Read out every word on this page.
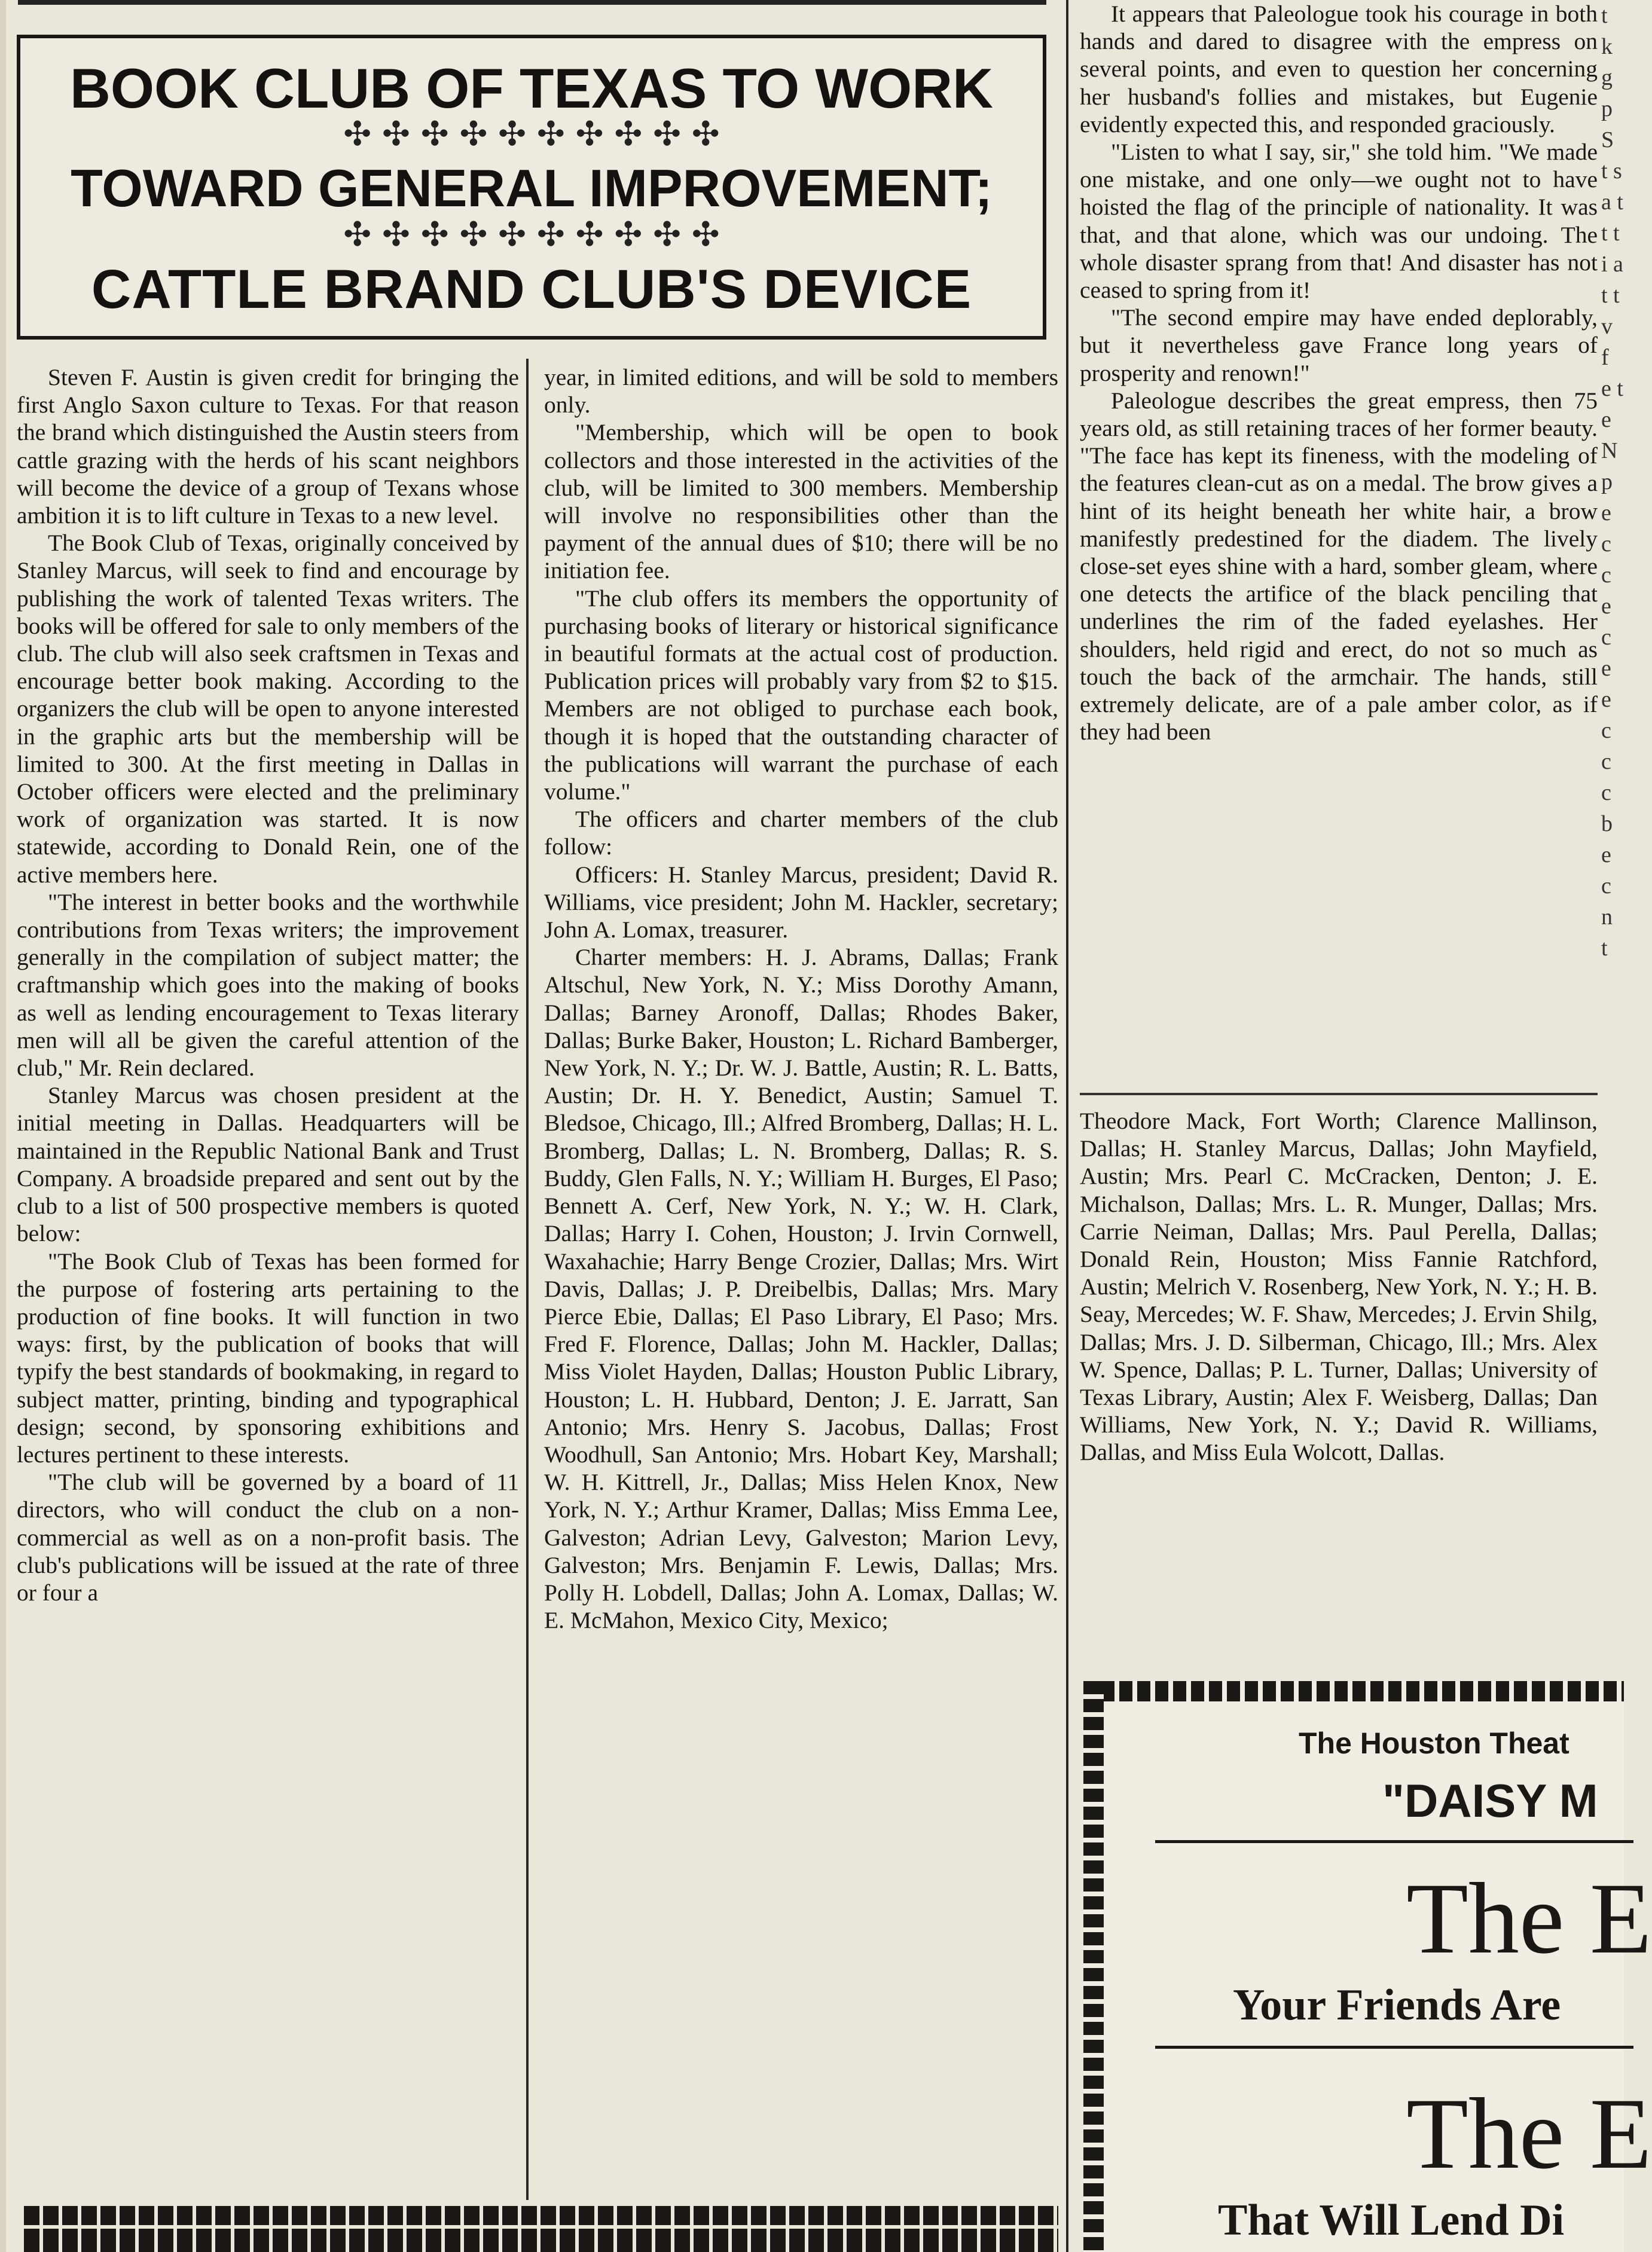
BOOK CLUB OF TEXAS TO WORK
✣ ✣ ✣ ✣ ✣ ✣ ✣ ✣ ✣ ✣
TOWARD GENERAL IMPROVEMENT;
✣ ✣ ✣ ✣ ✣ ✣ ✣ ✣ ✣ ✣
CATTLE BRAND CLUB'S DEVICE

Steven F. Austin is given credit for bringing the first Anglo Saxon culture to Texas. For that reason the brand which distinguished the Austin steers from cattle grazing with the herds of his scant neighbors will become the device of a group of Texans whose ambition it is to lift culture in Texas to a new level.

The Book Club of Texas, originally conceived by Stanley Marcus, will seek to find and encourage by publishing the work of talented Texas writers. The books will be offered for sale to only members of the club. The club will also seek craftsmen in Texas and encourage better book making. According to the organizers the club will be open to anyone interested in the graphic arts but the membership will be limited to 300. At the first meeting in Dallas in October officers were elected and the preliminary work of organization was started. It is now statewide, according to Donald Rein, one of the active members here.

"The interest in better books and the worthwhile contributions from Texas writers; the improvement generally in the compilation of subject matter; the craftmanship which goes into the making of books as well as lending encouragement to Texas literary men will all be given the careful attention of the club," Mr. Rein declared.

Stanley Marcus was chosen president at the initial meeting in Dallas. Headquarters will be maintained in the Republic National Bank and Trust Company. A broadside prepared and sent out by the club to a list of 500 prospective members is quoted below:

"The Book Club of Texas has been formed for the purpose of fostering arts pertaining to the production of fine books. It will function in two ways: first, by the publication of books that will typify the best standards of bookmaking, in regard to subject matter, printing, binding and typographical design; second, by sponsoring exhibitions and lectures pertinent to these interests.

"The club will be governed by a board of 11 directors, who will conduct the club on a non-commercial as well as on a non-profit basis. The club's publications will be issued at the rate of three or four a

year, in limited editions, and will be sold to members only.

"Membership, which will be open to book collectors and those interested in the activities of the club, will be limited to 300 members. Membership will involve no responsibilities other than the payment of the annual dues of $10; there will be no initiation fee.

"The club offers its members the opportunity of purchasing books of literary or historical significance in beautiful formats at the actual cost of production. Publication prices will probably vary from $2 to $15. Members are not obliged to purchase each book, though it is hoped that the outstanding character of the publications will warrant the purchase of each volume."

The officers and charter members of the club follow:

Officers: H. Stanley Marcus, president; David R. Williams, vice president; John M. Hackler, secretary; John A. Lomax, treasurer.

Charter members: H. J. Abrams, Dallas; Frank Altschul, New York, N. Y.; Miss Dorothy Amann, Dallas; Barney Aronoff, Dallas; Rhodes Baker, Dallas; Burke Baker, Houston; L. Richard Bamberger, New York, N. Y.; Dr. W. J. Battle, Austin; R. L. Batts, Austin; Dr. H. Y. Benedict, Austin; Samuel T. Bledsoe, Chicago, Ill.; Alfred Bromberg, Dallas; H. L. Bromberg, Dallas; L. N. Bromberg, Dallas; R. S. Buddy, Glen Falls, N. Y.; William H. Burges, El Paso; Bennett A. Cerf, New York, N. Y.; W. H. Clark, Dallas; Harry I. Cohen, Houston; J. Irvin Cornwell, Waxahachie; Harry Benge Crozier, Dallas; Mrs. Wirt Davis, Dallas; J. P. Dreibelbis, Dallas; Mrs. Mary Pierce Ebie, Dallas; El Paso Library, El Paso; Mrs. Fred F. Florence, Dallas; John M. Hackler, Dallas; Miss Violet Hayden, Dallas; Houston Public Library, Houston; L. H. Hubbard, Denton; J. E. Jarratt, San Antonio; Mrs. Henry S. Jacobus, Dallas; Frost Woodhull, San Antonio; Mrs. Hobart Key, Marshall; W. H. Kittrell, Jr., Dallas; Miss Helen Knox, New York, N. Y.; Arthur Kramer, Dallas; Miss Emma Lee, Galveston; Adrian Levy, Galveston; Marion Levy, Galveston; Mrs. Benjamin F. Lewis, Dallas; Mrs. Polly H. Lobdell, Dallas; John A. Lomax, Dallas; W. E. McMahon, Mexico City, Mexico;

It appears that Paleologue took his courage in both hands and dared to disagree with the empress on several points, and even to question her concerning her husband's follies and mistakes, but Eugenie evidently expected this, and responded graciously.

"Listen to what I say, sir," she told him. "We made one mistake, and one only—we ought not to have hoisted the flag of the principle of nationality. It was that, and that alone, which was our undoing. The whole disaster sprang from that! And disaster has not ceased to spring from it!

"The second empire may have ended deplorably, but it nevertheless gave France long years of prosperity and renown!"

Paleologue describes the great empress, then 75 years old, as still retaining traces of her former beauty. "The face has kept its fineness, with the modeling of the features clean-cut as on a medal. The brow gives a hint of its height beneath her white hair, a brow manifestly predestined for the diadem. The lively close-set eyes shine with a hard, somber gleam, where one detects the artifice of the black penciling that underlines the rim of the faded eyelashes. Her shoulders, held rigid and erect, do not so much as touch the back of the armchair. The hands, still extremely delicate, are of a pale amber color, as if they had been

Theodore Mack, Fort Worth; Clarence Mallinson, Dallas; H. Stanley Marcus, Dallas; John Mayfield, Austin; Mrs. Pearl C. McCracken, Denton; J. E. Michalson, Dallas; Mrs. L. R. Munger, Dallas; Mrs. Carrie Neiman, Dallas; Mrs. Paul Perella, Dallas; Donald Rein, Houston; Miss Fannie Ratchford, Austin; Melrich V. Rosenberg, New York, N. Y.; H. B. Seay, Mercedes; W. F. Shaw, Mercedes; J. Ervin Shilg, Dallas; Mrs. J. D. Silberman, Chicago, Ill.; Mrs. Alex W. Spence, Dallas; P. L. Turner, Dallas; University of Texas Library, Austin; Alex F. Weisberg, Dallas; Dan Williams, New York, N. Y.; David R. Williams, Dallas, and Miss Eula Wolcott, Dallas.

The Houston Theat
"DAISY M
The E
Your Friends Are
The E
That Will Lend Di
t k g p S t s a t t t i a t t v f e t e N p e c c e c e e c c c b e c n t
